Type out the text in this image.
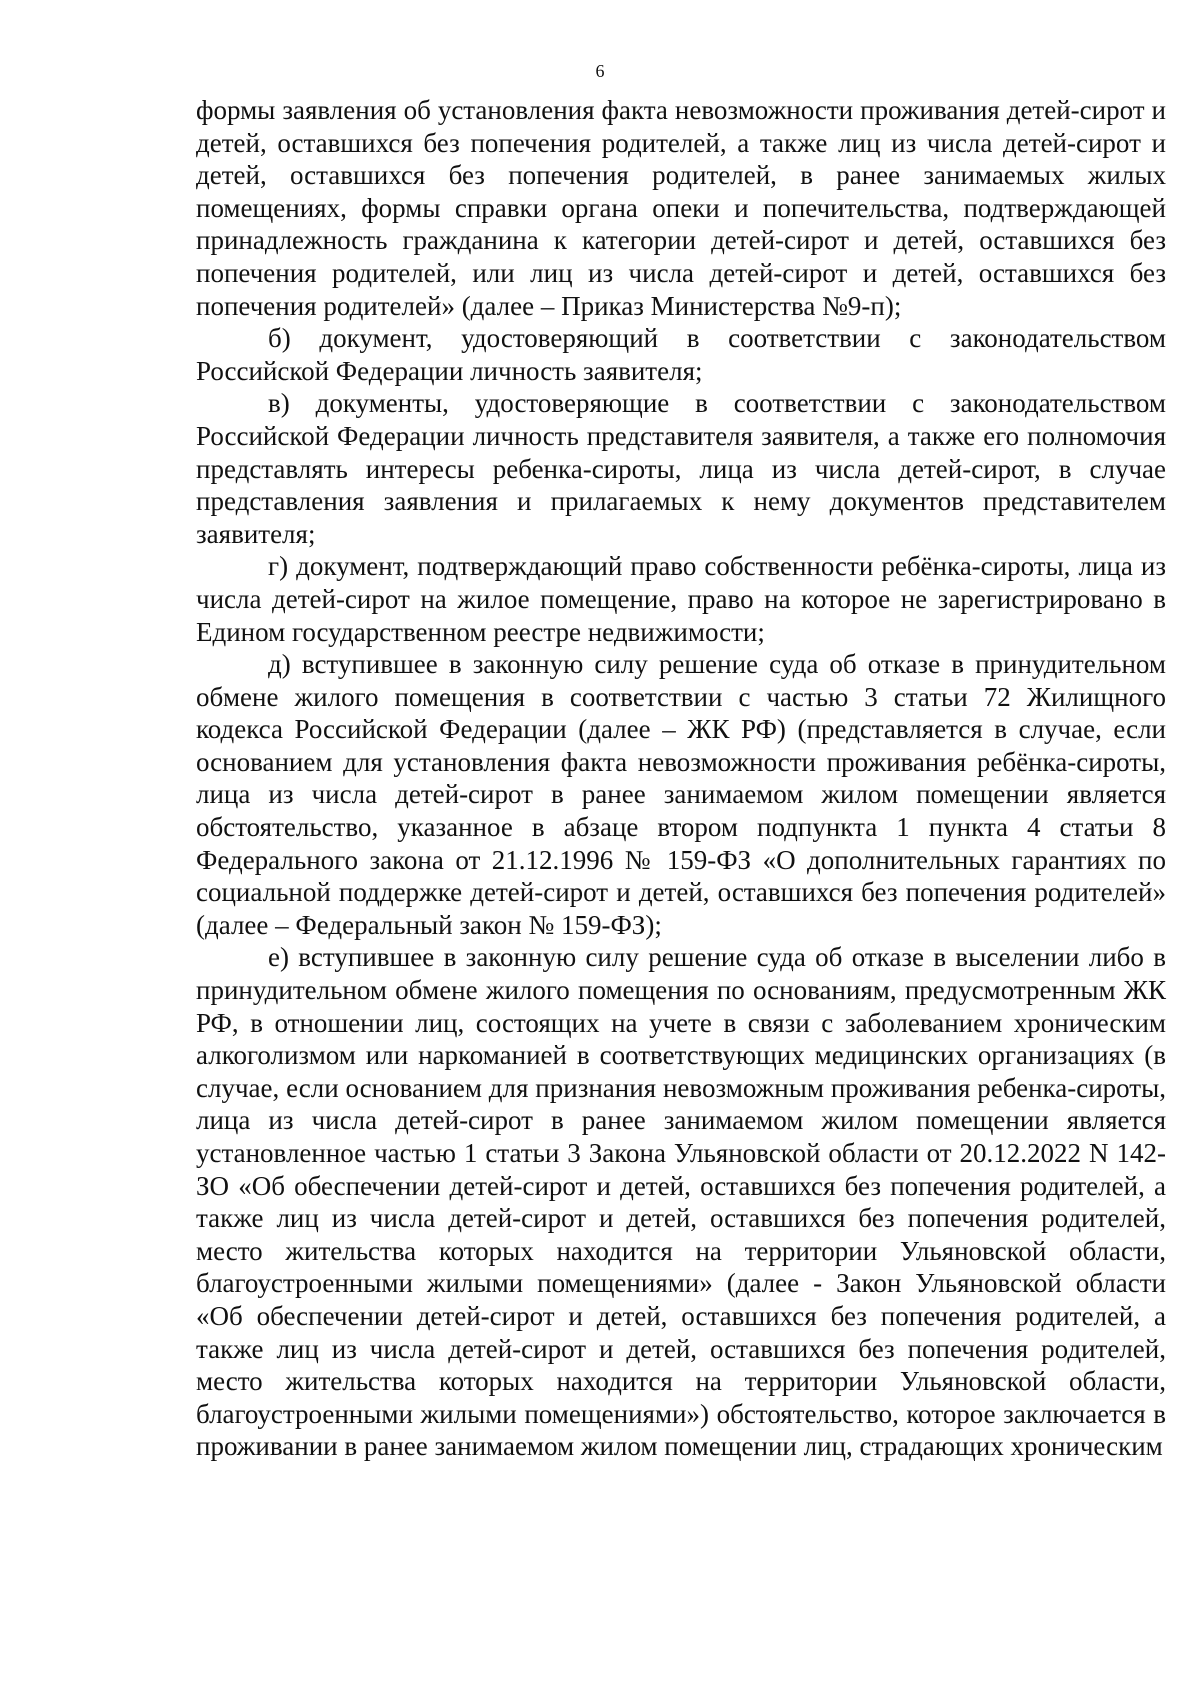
6

формы заявления об установления факта невозможности проживания детей-сирот и детей, оставшихся без попечения родителей, а также лиц из числа детей-сирот и детей, оставшихся без попечения родителей, в ранее занимаемых жилых помещениях, формы справки органа опеки и попечительства, подтверждающей принадлежность гражданина к категории детей-сирот и детей, оставшихся без попечения родителей, или лиц из числа детей-сирот и детей, оставшихся без попечения родителей» (далее – Приказ Министерства №9-п);

б) документ, удостоверяющий в соответствии с законодательством Российской Федерации личность заявителя;

в) документы, удостоверяющие в соответствии с законодательством Российской Федерации личность представителя заявителя, а также его полномочия представлять интересы ребенка-сироты, лица из числа детей-сирот, в случае представления заявления и прилагаемых к нему документов представителем заявителя;

г) документ, подтверждающий право собственности ребёнка-сироты, лица из числа детей-сирот на жилое помещение, право на которое не зарегистрировано в Едином государственном реестре недвижимости;

д) вступившее в законную силу решение суда об отказе в принудительном обмене жилого помещения в соответствии с частью 3 статьи 72 Жилищного кодекса Российской Федерации (далее – ЖК РФ) (представляется в случае, если основанием для установления факта невозможности проживания ребёнка-сироты, лица из числа детей-сирот в ранее занимаемом жилом помещении является обстоятельство, указанное в абзаце втором подпункта 1 пункта 4 статьи 8 Федерального закона от 21.12.1996 № 159-ФЗ «О дополнительных гарантиях по социальной поддержке детей-сирот и детей, оставшихся без попечения родителей» (далее – Федеральный закон № 159-ФЗ);

е) вступившее в законную силу решение суда об отказе в выселении либо в принудительном обмене жилого помещения по основаниям, предусмотренным ЖК РФ, в отношении лиц, состоящих на учете в связи с заболеванием хроническим алкоголизмом или наркоманией в соответствующих медицинских организациях (в случае, если основанием для признания невозможным проживания ребенка-сироты, лица из числа детей-сирот в ранее занимаемом жилом помещении является установленное частью 1 статьи 3 Закона Ульяновской области от 20.12.2022 N 142-ЗО «Об обеспечении детей-сирот и детей, оставшихся без попечения родителей, а также лиц из числа детей-сирот и детей, оставшихся без попечения родителей, место жительства которых находится на территории Ульяновской области, благоустроенными жилыми помещениями» (далее - Закон Ульяновской области «Об обеспечении детей-сирот и детей, оставшихся без попечения родителей, а также лиц из числа детей-сирот и детей, оставшихся без попечения родителей, место жительства которых находится на территории Ульяновской области, благоустроенными жилыми помещениями») обстоятельство, которое заключается в проживании в ранее занимаемом жилом помещении лиц, страдающих хроническим
